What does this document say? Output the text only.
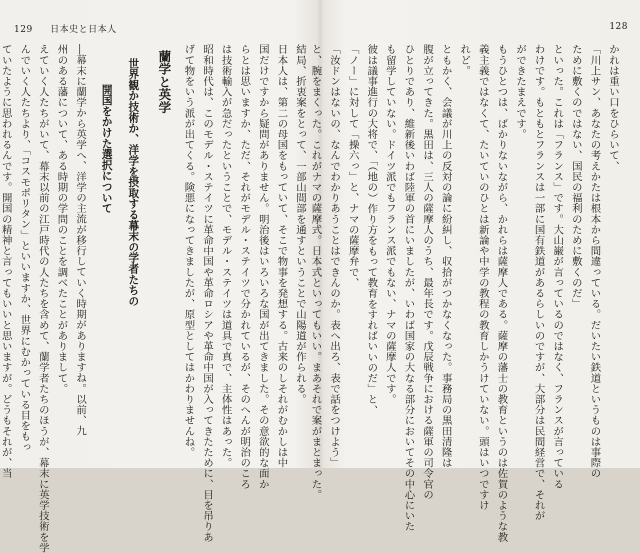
129 日本史と日本人
結局、折衷案をとって、一部山間部を通すということで山陽道が作られる。
日本人は、第二の母国をもっていて、そこで物事を発想する。古来のしそれがむかしは中
国だけですから疑問がありません。明治後はいろいろな国が出てきました。その意欲的な面か
らとは思いますか、ただ、それがモデル・ステイツで分かれているが、そのへんが明治のころ
は技術輸入が急だったということで、モデル・ステイツは道具で真で、主体性はあった。
昭和時代は、このモデル・ステイツに革命中国や革命ロシアや革命中国が入ってきたために、目を吊りあ
げて物をいう派が出てくる。険悪になってきましたが、原型としてはかわりませんね。
蘭学と英学
世界観か技術か、洋学を摂取する幕末の学者たちの
開国をかけた選択について
―幕末に蘭学から英学へ、洋学の主流が移行していく時期がありますね。以前、九
州のある藩について、ある時期の学問のことを調べたことがありまして。
えていく人たちがいて、幕末以前の江戸時代の人たちを含めて、蘭学者たちのほうが、幕末に英学技術を学
んでいく人たちより、「コスモポリタン」といいますか、世界にむかっている目をもっ
ていたように思われるんです。開国の精神と言ってもいいと思いますが。どうもそれが、当
128
かれは重い口をひらいて、
「川上サン、あなたの考えかたは根本から間違っている。だいたい鉄道というものは事際の
ために敷くのではない、国民の福利のために敷くのだ」
といった。これは「フランス」です。大山巌が言っているのではなく、フランスが言っている
わけです。もともとフランスは一部に国有鉄道があるらしいのですが、大部分は民間経営で、それが
ができたまえです。
もうひとつは、ばかりないながら、かれらは薩摩人である。薩摩の藩士の教育というのは佐賀のような教
義主義ではなくて、たいていのひとは新論や中学の教程の教育しかうけていない。頭はいつですけ
れど。
ともかく、会議が川上の反対の論に紛糾し、収拾がつかなくなった。事務局の黒田清隆は
腹が立ってきた。黒田は、三人の薩摩人のうち、最年長です。戊辰戦争における薩軍の司令官の
ひとりであり、維新後いわば陸軍の首にいましたが、いわば国家の大なる部分においてその中心にいた
も留学していない。ドイツ派でもフランス派でもない、ナマの薩摩人です。
彼は議事進行の大将で、「（地の）作り方をもって教育をすればいいのだ」と、
「ノー」に対して「操六っ」と、ナマの薩摩弁で、
「汝ドンはないの、なんでわかりあうことはできんのか。表へ出ろ、表で話をつけよう」
と、腕をまくった。これがナマの薩摩式。日本式といってもいい。まあそれで案がまとまった。
